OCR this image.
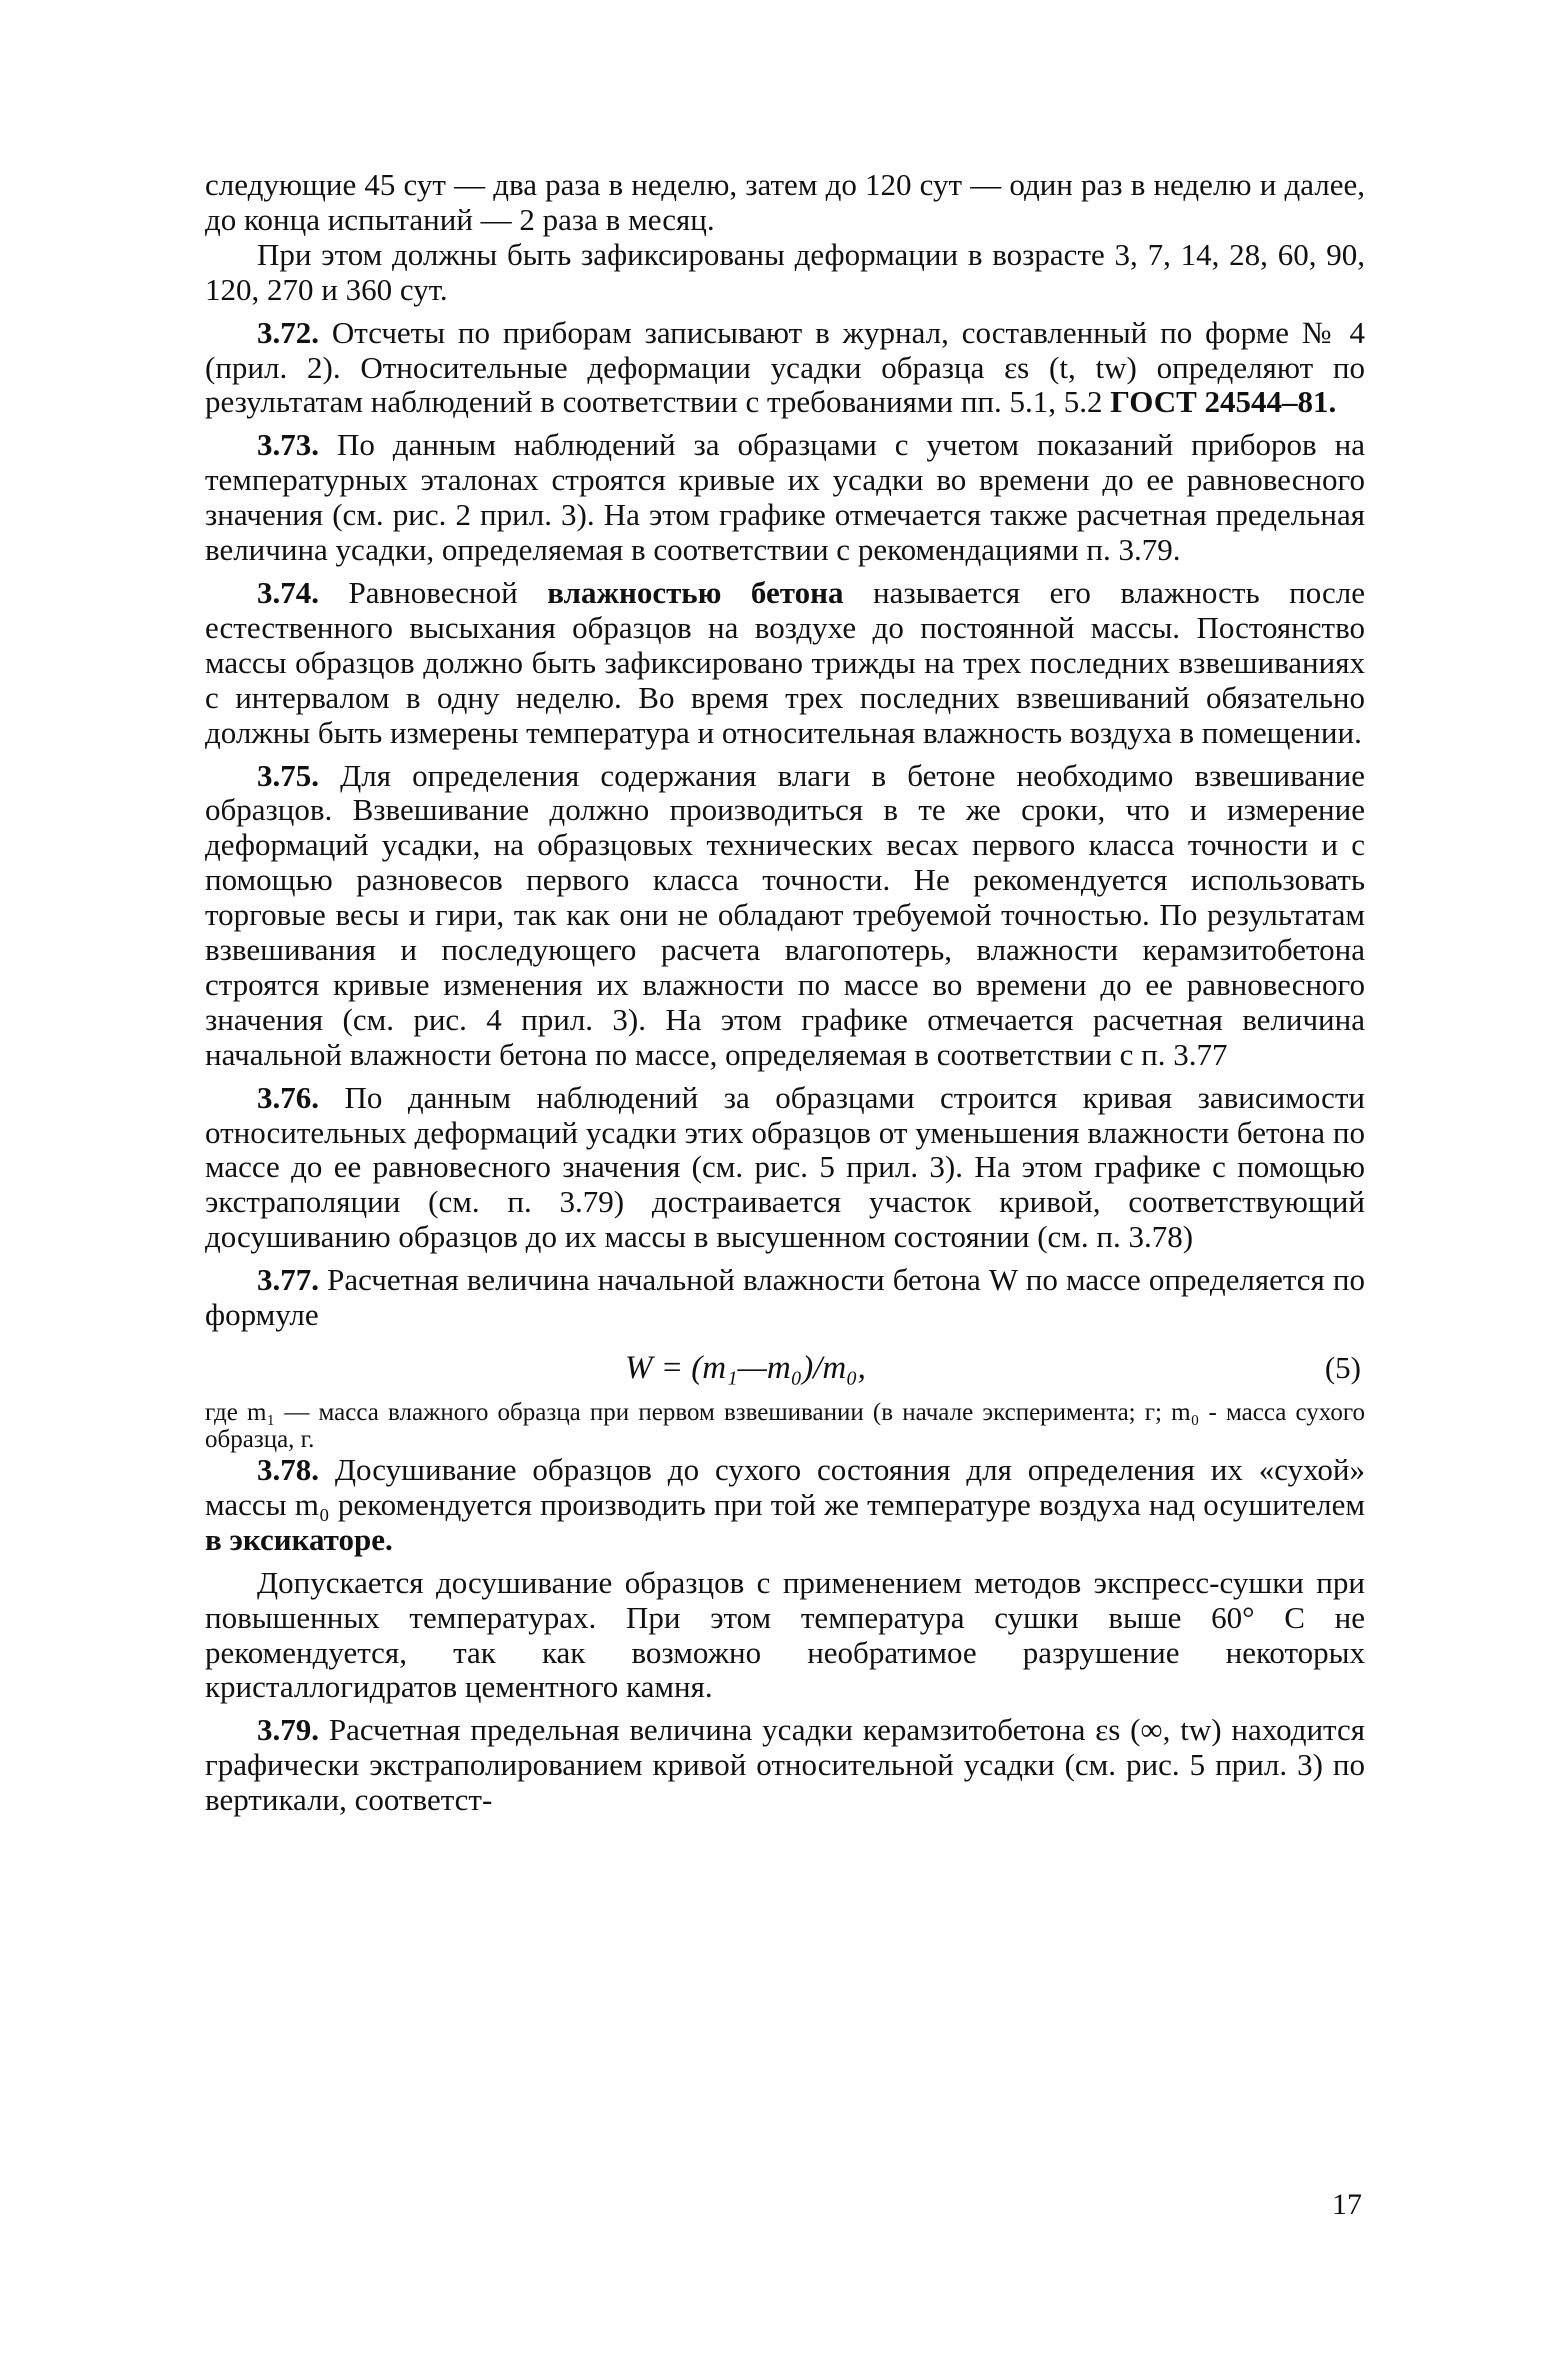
следующие 45 сут — два раза в неделю, затем до 120 сут — один раз в неделю и далее, до конца испытаний — 2 раза в месяц.

При этом должны быть зафиксированы деформации в возрасте 3, 7, 14, 28, 60, 90, 120, 270 и 360 сут.

3.72. Отсчеты по приборам записывают в журнал, составленный по форме № 4 (прил. 2). Относительные деформации усадки образца εs (t, tw) определяют по результатам наблюдений в соответствии с требованиями пп. 5.1, 5.2 ГОСТ 24544–81.

3.73. По данным наблюдений за образцами с учетом показаний приборов на температурных эталонах строятся кривые их усадки во времени до ее равновесного значения (см. рис. 2 прил. 3). На этом графике отмечается также расчетная предельная величина усадки, определяемая в соответствии с рекомендациями п. 3.79.

3.74. Равновесной влажностью бетона называется его влажность после естественного высыхания образцов на воздухе до постоянной массы. Постоянство массы образцов должно быть зафиксировано трижды на трех последних взвешиваниях с интервалом в одну неделю. Во время трех последних взвешиваний обязательно должны быть измерены температура и относительная влажность воздуха в помещении.

3.75. Для определения содержания влаги в бетоне необходимо взвешивание образцов. Взвешивание должно производиться в те же сроки, что и измерение деформаций усадки, на образцовых технических весах первого класса точности и с помощью разновесов первого класса точности. Не рекомендуется использовать торговые весы и гири, так как они не обладают требуемой точностью. По результатам взвешивания и последующего расчета влагопотерь, влажности керамзитобетона строятся кривые изменения их влажности по массе во времени до ее равновесного значения (см. рис. 4 прил. 3). На этом графике отмечается расчетная величина начальной влажности бетона по массе, определяемая в соответствии с п. 3.77

3.76. По данным наблюдений за образцами строится кривая зависимости относительных деформаций усадки этих образцов от уменьшения влажности бетона по массе до ее равновесного значения (см. рис. 5 прил. 3). На этом графике с помощью экстраполяции (см. п. 3.79) достраивается участок кривой, соответствующий досушиванию образцов до их массы в высушенном состоянии (см. п. 3.78)

3.77. Расчетная величина начальной влажности бетона W по массе определяется по формуле

W = (m₁—m₀)/m₀,	(5)

где m₁ — масса влажного образца при первом взвешивании (в начале эксперимента; г; m₀ - масса сухого образца, г.

3.78. Досушивание образцов до сухого состояния для определения их «сухой» массы m₀ рекомендуется производить при той же температуре воздуха над осушителем в эксикаторе.

Допускается досушивание образцов с применением методов экспресс-сушки при повышенных температурах. При этом температура сушки выше 60° С не рекомендуется, так как возможно необратимое разрушение некоторых кристаллогидратов цементного камня.

3.79. Расчетная предельная величина усадки керамзитобетона εs (∞, tw) находится графически экстраполированием кривой относительной усадки (см. рис. 5 прил. 3) по вертикали, соответст-

17
